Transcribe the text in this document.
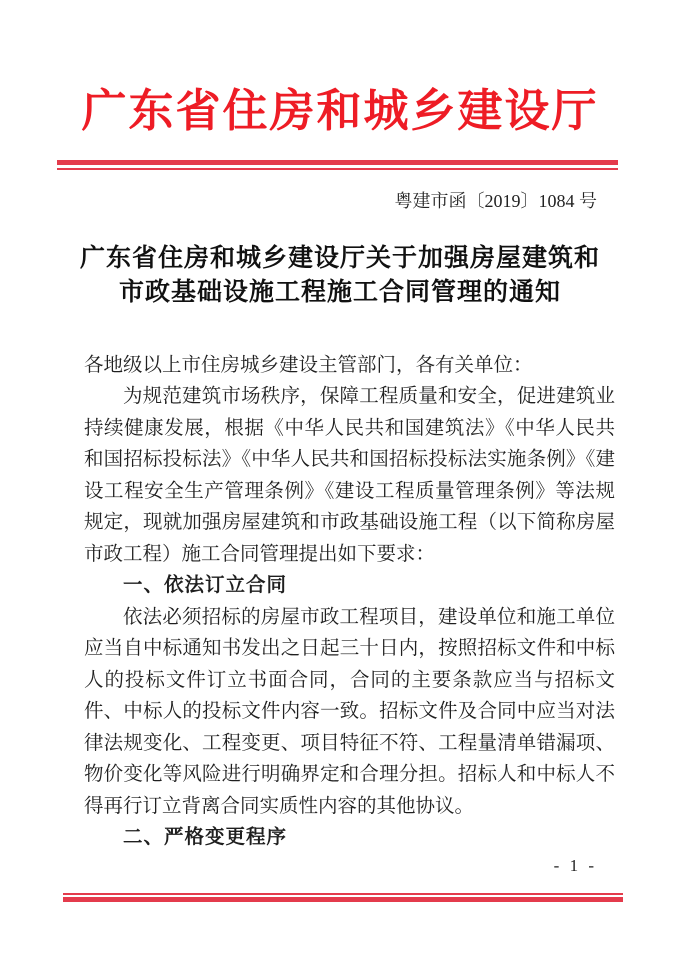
广东省住房和城乡建设厅
粤建市函〔2019〕1084 号
广东省住房和城乡建设厅关于加强房屋建筑和
市政基础设施工程施工合同管理的通知

各地级以上市住房城乡建设主管部门，各有关单位：

为规范建筑市场秩序，保障工程质量和安全，促进建筑业持续健康发展，根据《中华人民共和国建筑法》《中华人民共和国招标投标法》《中华人民共和国招标投标法实施条例》《建设工程安全生产管理条例》《建设工程质量管理条例》等法规规定，现就加强房屋建筑和市政基础设施工程（以下简称房屋市政工程）施工合同管理提出如下要求：

一、依法订立合同

依法必须招标的房屋市政工程项目，建设单位和施工单位应当自中标通知书发出之日起三十日内，按照招标文件和中标人的投标文件订立书面合同，合同的主要条款应当与招标文件、中标人的投标文件内容一致。招标文件及合同中应当对法律法规变化、工程变更、项目特征不符、工程量清单错漏项、物价变化等风险进行明确界定和合理分担。招标人和中标人不得再行订立背离合同实质性内容的其他协议。

二、严格变更程序

- 1 -
